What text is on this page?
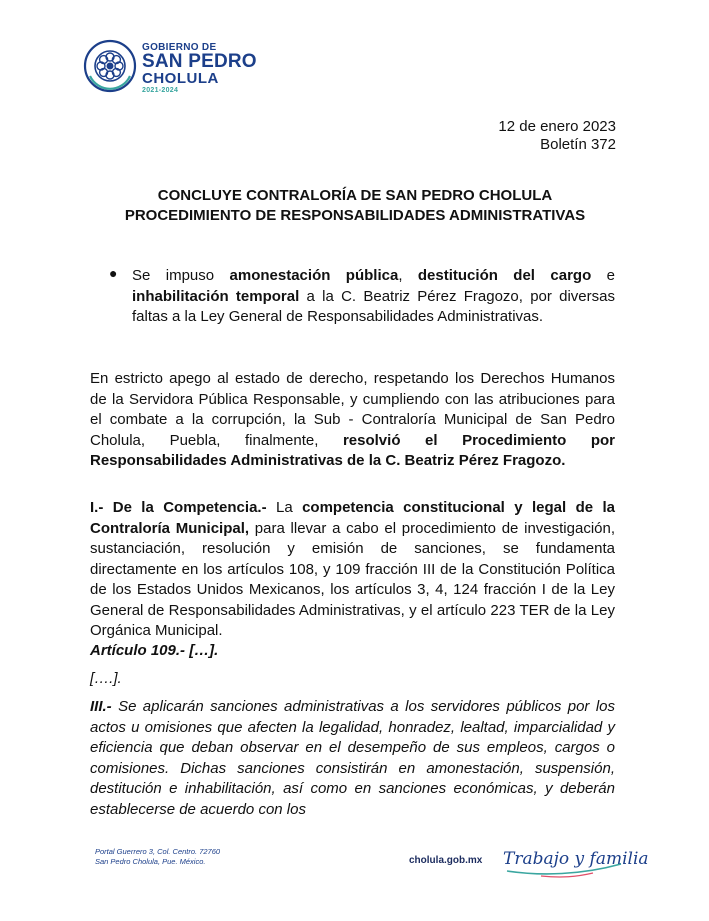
GOBIERNO DE
SAN PEDRO
CHOLULA
2021-2024
12 de enero 2023
Boletín 372
CONCLUYE CONTRALORÍA DE SAN PEDRO CHOLULA
PROCEDIMIENTO DE RESPONSABILIDADES ADMINISTRATIVAS
● Se impuso amonestación pública, destitución del cargo e inhabilitación temporal a la C. Beatriz Pérez Fragozo, por diversas faltas a la Ley General de Responsabilidades Administrativas.

En estricto apego al estado de derecho, respetando los Derechos Humanos de la Servidora Pública Responsable, y cumpliendo con las atribuciones para el combate a la corrupción, la Sub - Contraloría Municipal de San Pedro Cholula, Puebla, finalmente, resolvió el Procedimiento por Responsabilidades Administrativas de la C. Beatriz Pérez Fragozo.

I.- De la Competencia.- La competencia constitucional y legal de la Contraloría Municipal, para llevar a cabo el procedimiento de investigación, sustanciación, resolución y emisión de sanciones, se fundamenta directamente en los artículos 108, y 109 fracción III de la Constitución Política de los Estados Unidos Mexicanos, los artículos 3, 4, 124 fracción I de la Ley General de Responsabilidades Administrativas, y el artículo 223 TER de la Ley Orgánica Municipal.

Artículo 109.- […].

[….].

III.- Se aplicarán sanciones administrativas a los servidores públicos por los actos u omisiones que afecten la legalidad, honradez, lealtad, imparcialidad y eficiencia que deban observar en el desempeño de sus empleos, cargos o comisiones. Dichas sanciones consistirán en amonestación, suspensión, destitución e inhabilitación, así como en sanciones económicas, y deberán establecerse de acuerdo con los

Portal Guerrero 3, Col. Centro. 72760
San Pedro Cholula, Pue. México.	cholula.gob.mx Trabajo y familia
